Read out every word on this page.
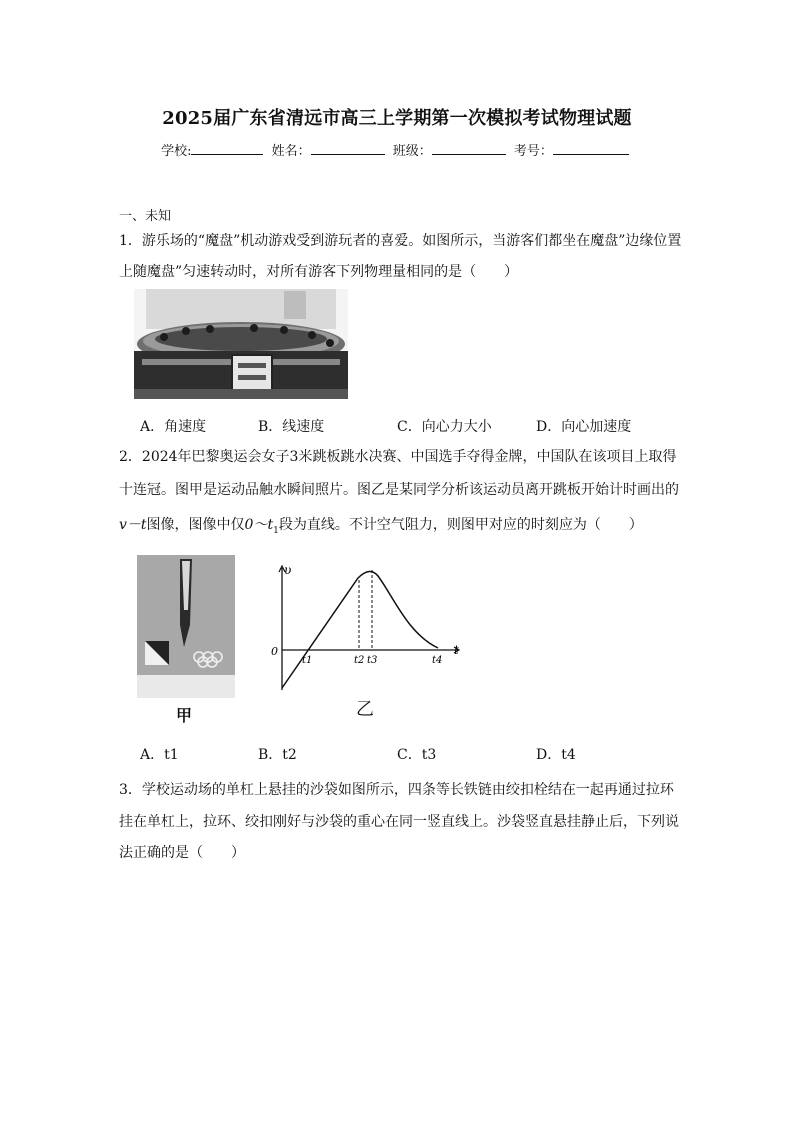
2025届广东省清远市高三上学期第一次模拟考试物理试题
学校:	姓名：	班级：	考号：
一、未知
1．游乐场的“魔盘”机动游戏受到游玩者的喜爱。如图所示，当游客们都坐在魔盘”边缘位置
上随魔盘”匀速转动时，对所有游客下列物理量相同的是（　　）
A．角速度	B．线速度	C．向心力大小	D．向心加速度
2．2024年巴黎奥运会女子3米跳板跳水决赛、中国选手夺得金牌，中国队在该项目上取得
十连冠。图甲是运动品触水瞬间照片。图乙是某同学分析该运动员离开跳板开始计时画出的
v－t图像，图像中仅$0\sim t_1$段为直线。不计空气阻力，则图甲对应的时刻应为（　　）
甲
υ
t
0
t1	t2 t3	t4
乙
A．t1	B．t2	C．t3	D．t4
3．学校运动场的单杠上悬挂的沙袋如图所示，四条等长铁链由绞扣栓结在一起再通过拉环
挂在单杠上，拉环、绞扣刚好与沙袋的重心在同一竖直线上。沙袋竖直悬挂静止后，下列说
法正确的是（　　）
